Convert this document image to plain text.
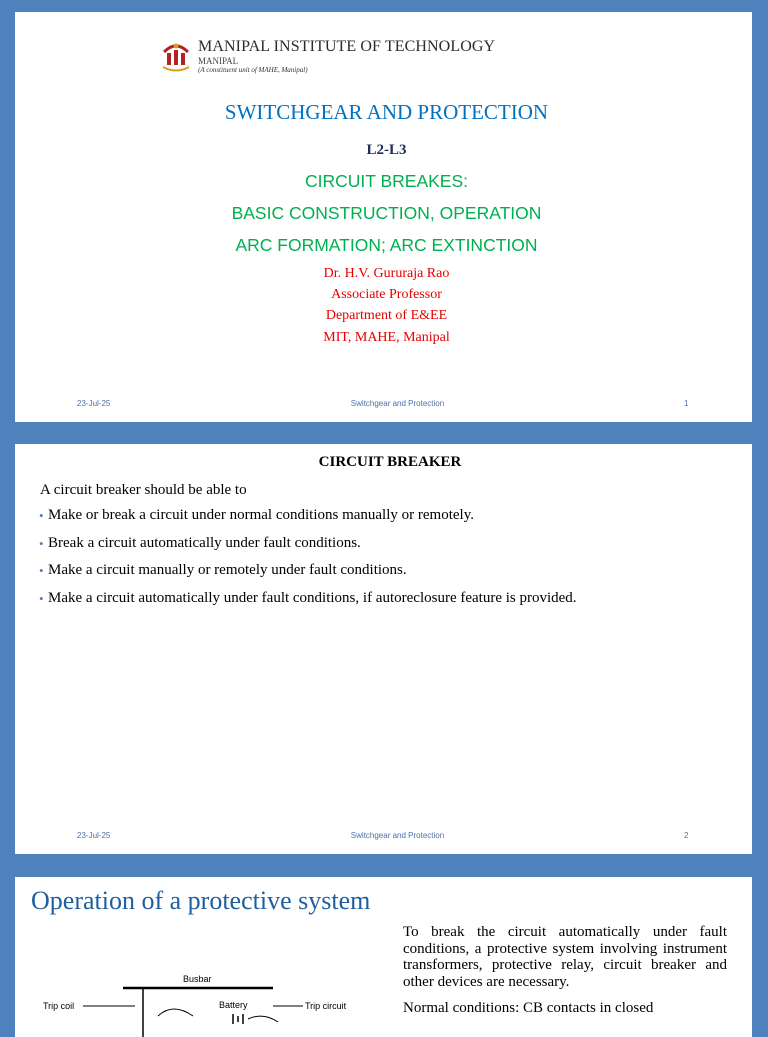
MANIPAL INSTITUTE OF TECHNOLOGY
MANIPAL
(A constituent unit of MAHE, Manipal)
SWITCHGEAR AND PROTECTION
L2-L3
CIRCUIT BREAKES:
BASIC CONSTRUCTION, OPERATION
ARC FORMATION; ARC EXTINCTION
Dr. H.V. Gururaja Rao
Associate Professor
Department of E&EE
MIT, MAHE, Manipal
23-Jul-25	Switchgear and Protection	1
CIRCUIT BREAKER
A circuit breaker should be able to
• Make or break a circuit under normal conditions manually or remotely.
• Break a circuit automatically under fault conditions.
• Make a circuit manually or remotely under fault conditions.
• Make a circuit automatically under fault conditions, if autoreclosure feature is provided.
23-Jul-25	Switchgear and Protection	2
Operation of a protective system

To break the circuit automatically under fault conditions, a protective system involving instrument transformers, protective relay, circuit breaker and other devices are necessary.

Normal conditions: CB contacts in closed

Busbar
Trip coil	Battery	Trip circuit
